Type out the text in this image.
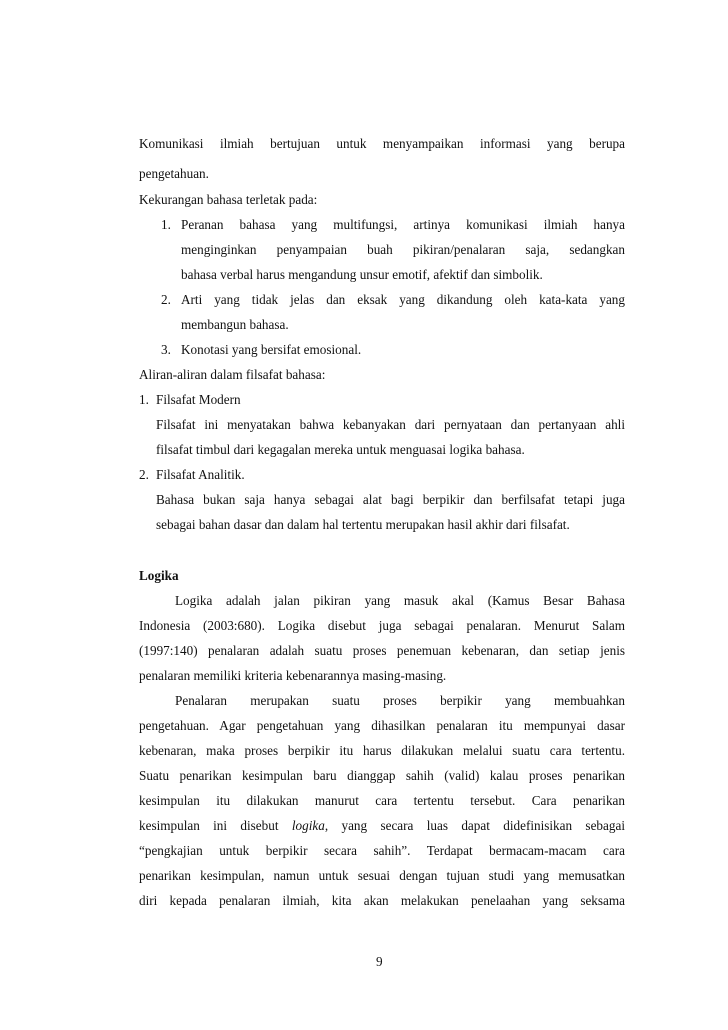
Komunikasi ilmiah bertujuan untuk menyampaikan informasi yang berupa
pengetahuan.
Kekurangan bahasa terletak pada:
1. Peranan bahasa yang multifungsi, artinya komunikasi ilmiah hanya
menginginkan penyampaian buah pikiran/penalaran saja, sedangkan
bahasa verbal harus mengandung unsur emotif, afektif dan simbolik.
2. Arti yang tidak jelas dan eksak yang dikandung oleh kata-kata yang
membangun bahasa.
3. Konotasi yang bersifat emosional.
Aliran-aliran dalam filsafat bahasa:
1. Filsafat Modern
Filsafat ini menyatakan bahwa kebanyakan dari pernyataan dan pertanyaan ahli
filsafat timbul dari kegagalan mereka untuk menguasai logika bahasa.
2. Filsafat Analitik.
Bahasa bukan saja hanya sebagai alat bagi berpikir dan berfilsafat tetapi juga
sebagai bahan dasar dan dalam hal tertentu merupakan hasil akhir dari filsafat.
Logika
Logika adalah jalan pikiran yang masuk akal (Kamus Besar Bahasa
Indonesia (2003:680). Logika disebut juga sebagai penalaran. Menurut Salam
(1997:140) penalaran adalah suatu proses penemuan kebenaran, dan setiap jenis
penalaran memiliki kriteria kebenarannya masing-masing.
Penalaran merupakan suatu proses berpikir yang membuahkan
pengetahuan. Agar pengetahuan yang dihasilkan penalaran itu mempunyai dasar
kebenaran, maka proses berpikir itu harus dilakukan melalui suatu cara tertentu.
Suatu penarikan kesimpulan baru dianggap sahih (valid) kalau proses penarikan
kesimpulan itu dilakukan manurut cara tertentu tersebut. Cara penarikan
kesimpulan ini disebut logika, yang secara luas dapat didefinisikan sebagai
“pengkajian untuk berpikir secara sahih”. Terdapat bermacam-macam cara
penarikan kesimpulan, namun untuk sesuai dengan tujuan studi yang memusatkan
diri kepada penalaran ilmiah, kita akan melakukan penelaahan yang seksama
9
